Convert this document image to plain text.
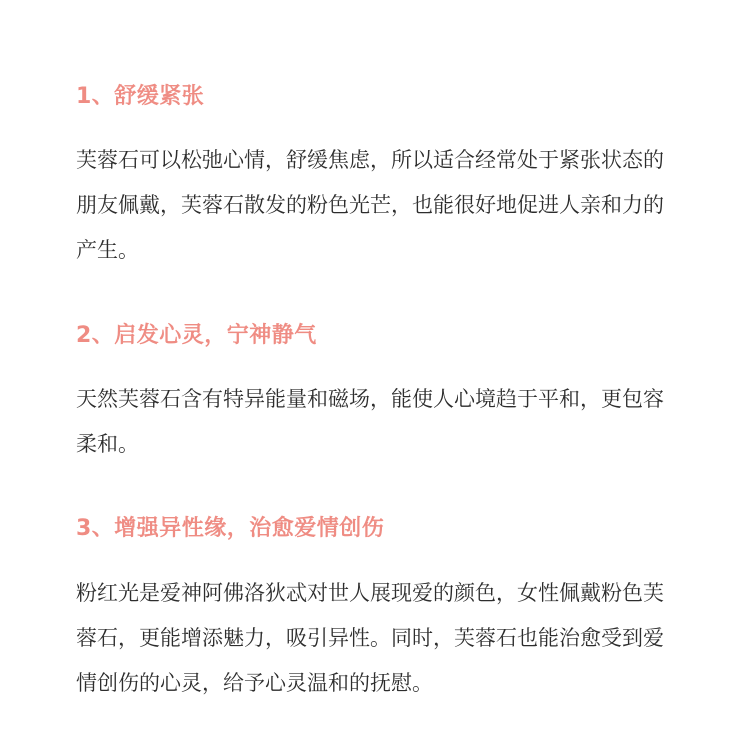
1、舒缓紧张

芙蓉石可以松弛心情，舒缓焦虑，所以适合经常处于紧张状态的朋友佩戴，芙蓉石散发的粉色光芒，也能很好地促进人亲和力的产生。

2、启发心灵，宁神静气

天然芙蓉石含有特异能量和磁场，能使人心境趋于平和，更包容柔和。

3、增强异性缘，治愈爱情创伤

粉红光是爱神阿佛洛狄忒对世人展现爱的颜色，女性佩戴粉色芙蓉石，更能增添魅力，吸引异性。同时，芙蓉石也能治愈受到爱情创伤的心灵，给予心灵温和的抚慰。
